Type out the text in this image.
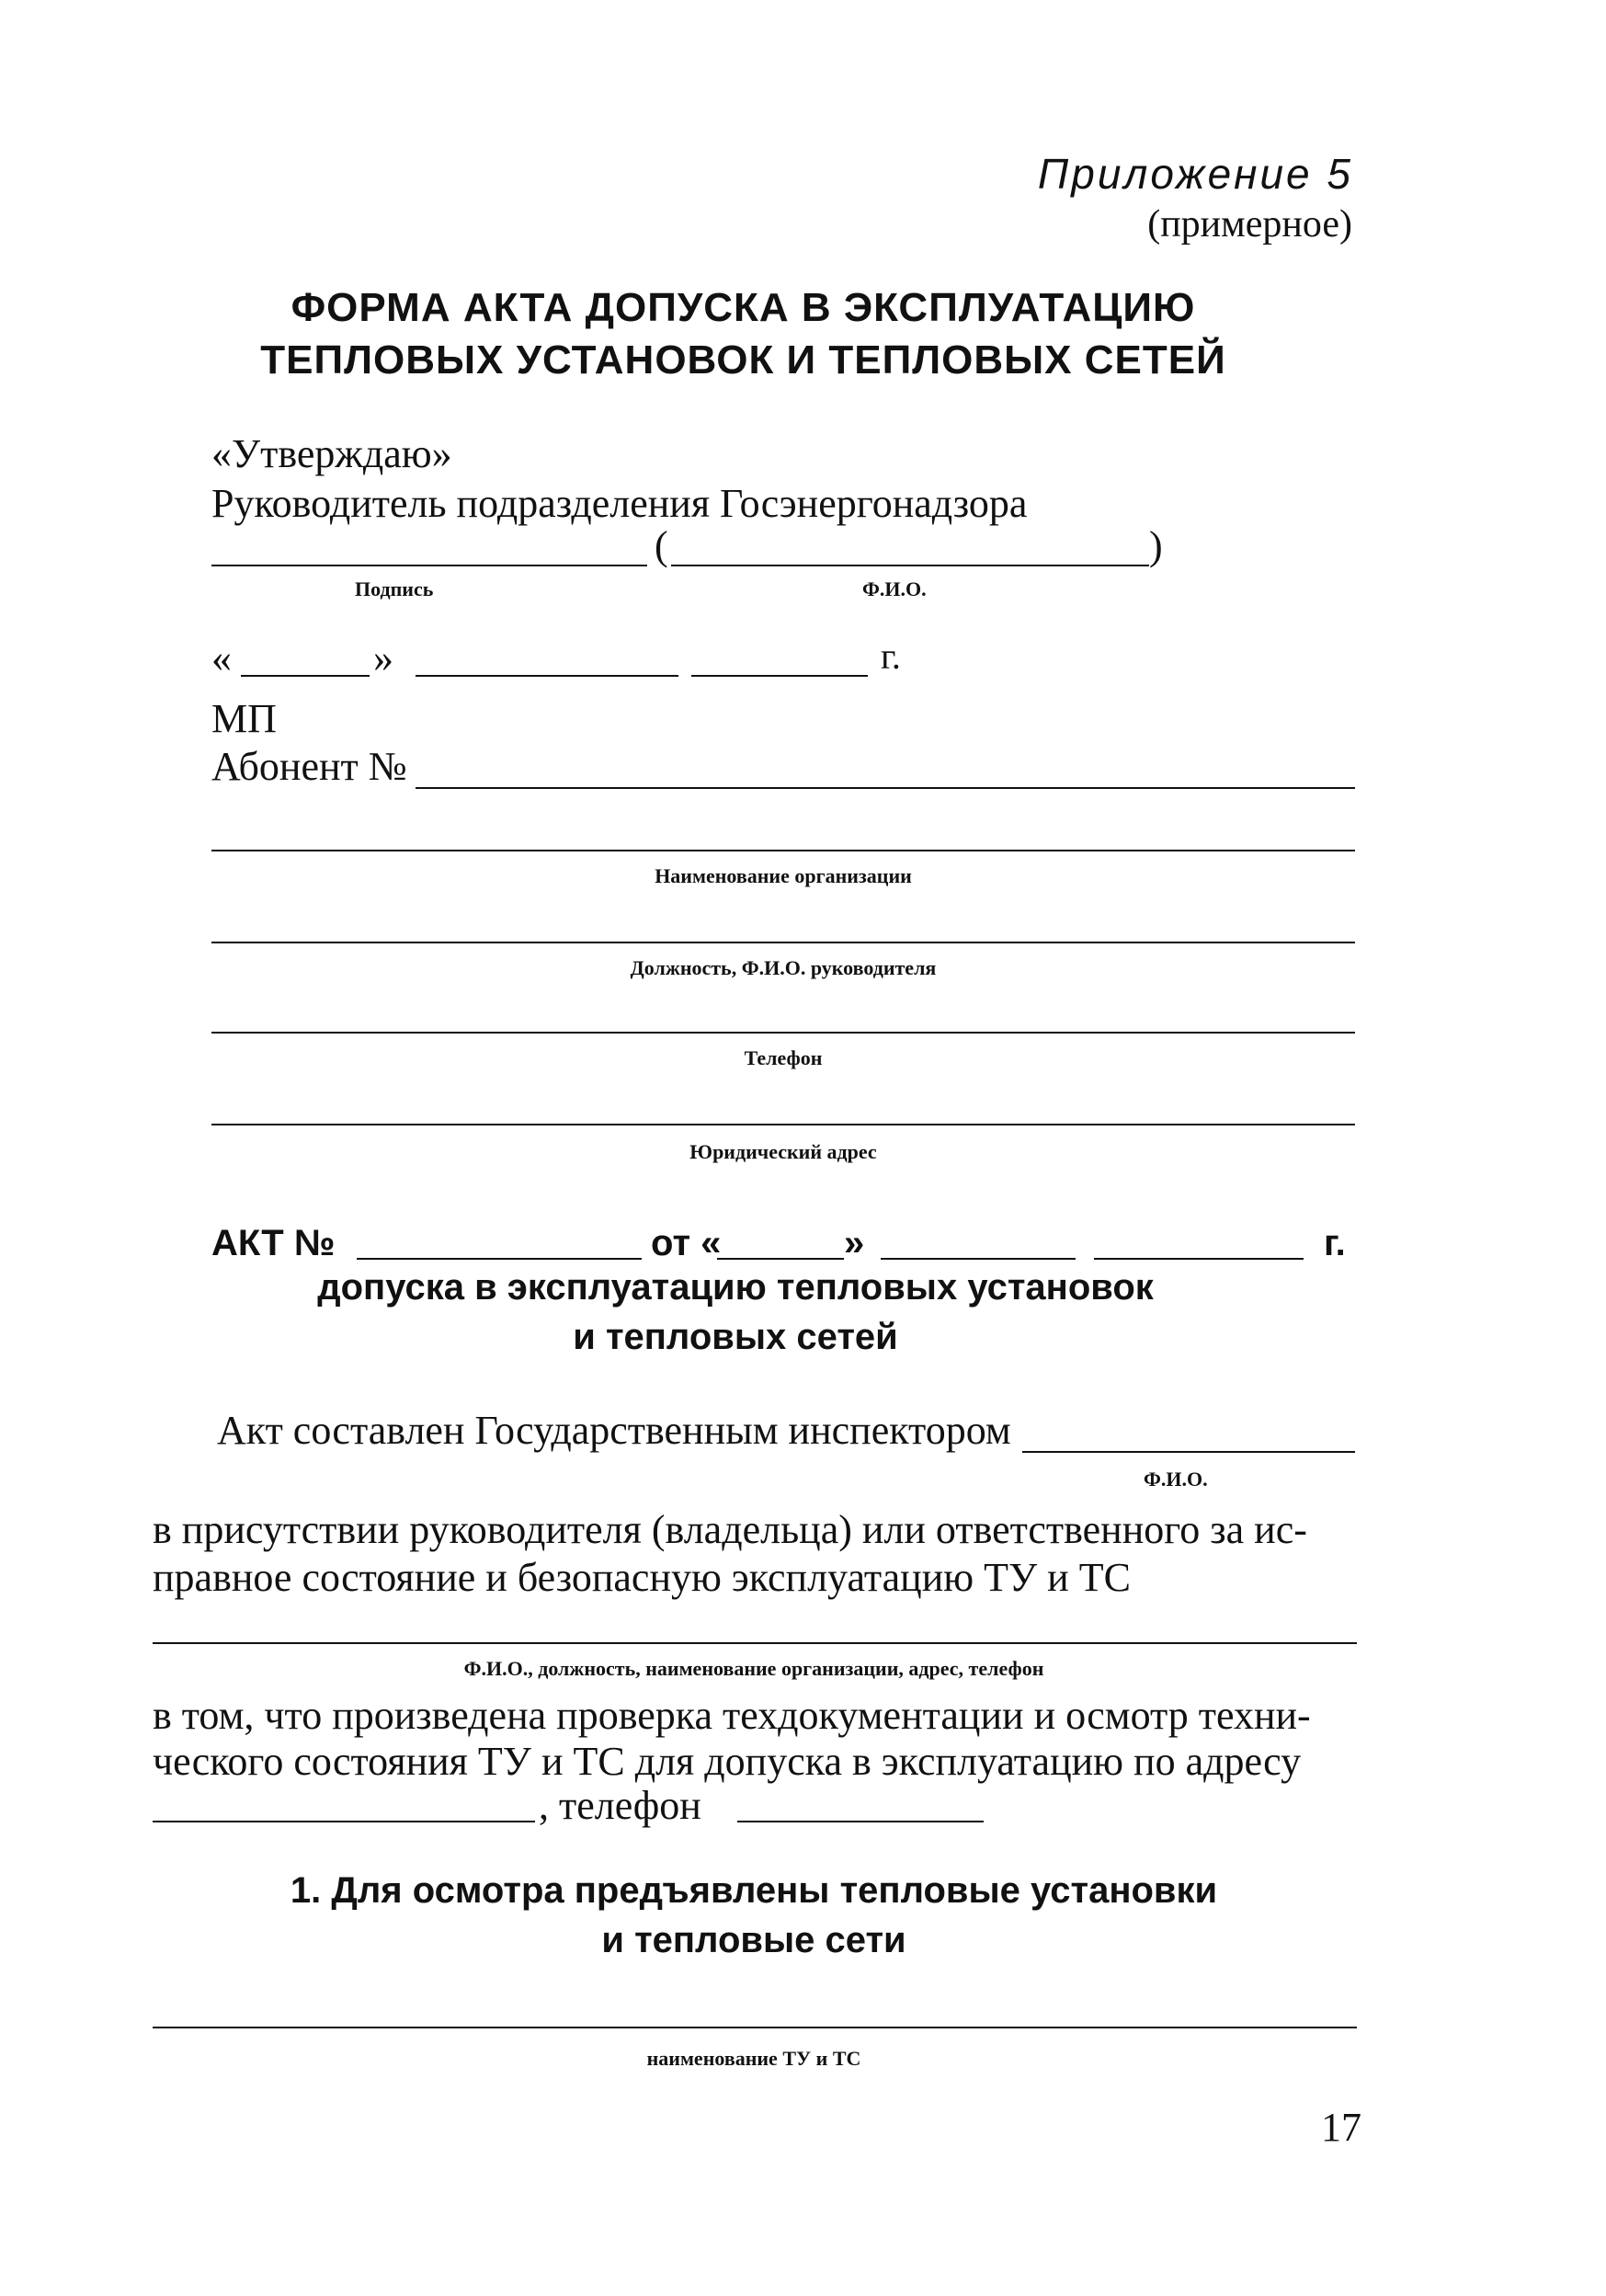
Приложение 5
(примерное)
ФОРМА АКТА ДОПУСКА В ЭКСПЛУАТАЦИЮ
ТЕПЛОВЫХ УСТАНОВОК И ТЕПЛОВЫХ СЕТЕЙ
«Утверждаю»
Руководитель подразделения Госэнергонадзора
(	)
Подпись	Ф.И.О.
«	»	г.
МП
Абонент №
Наименование организации
Должность, Ф.И.О. руководителя
Телефон
Юридический адрес
АКТ №	от «	»	г.
допуска в эксплуатацию тепловых установок
и тепловых сетей
Акт составлен Государственным инспектором
Ф.И.О.
в присутствии руководителя (владельца) или ответственного за ис-
правное состояние и безопасную эксплуатацию ТУ и ТС
Ф.И.О., должность, наименование организации, адрес, телефон
в том, что произведена проверка техдокументации и осмотр техни-
ческого состояния ТУ и ТС для допуска в эксплуатацию по адресу
, телефон
1. Для осмотра предъявлены тепловые установки
и тепловые сети
наименование ТУ и ТС
17
